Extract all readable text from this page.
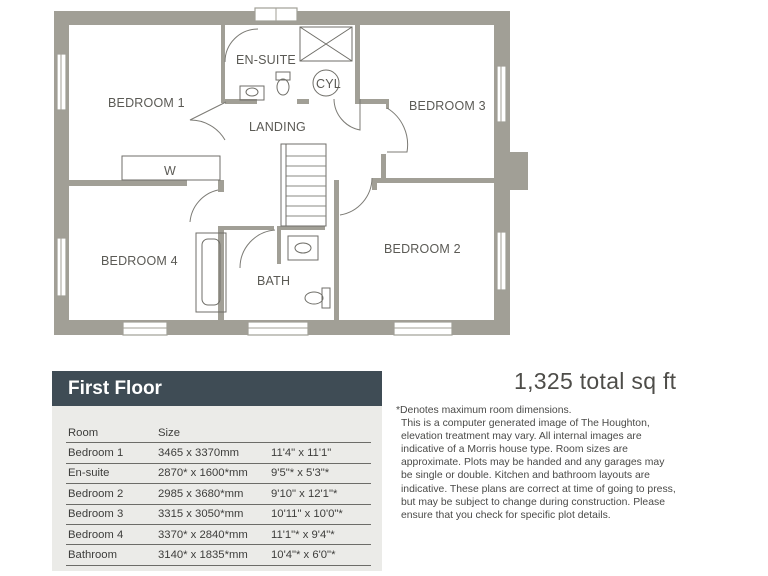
BEDROOM 1
EN-SUITE
CYL
BEDROOM 3
LANDING
W
BEDROOM 4
BATH
BEDROOM 2
First Floor
Room	Size	
Bedroom 1	3465 x 3370mm	11'4" x 11'1"
En-suite	2870* x 1600*mm	9'5"* x 5'3"*
Bedroom 2	2985 x 3680*mm	9'10" x 12'1"*
Bedroom 3	3315 x 3050*mm	10'11" x 10'0"*
Bedroom 4	3370* x 2840*mm	11'1"* x 9'4"*
Bathroom	3140* x 1835*mm	10'4"* x 6'0"*
1,325 total sq ft

*Denotes maximum room dimensions.

This is a computer generated image of The Houghton,

elevation treatment may vary. All internal images are

indicative of a Morris house type. Room sizes are

approximate. Plots may be handed and any garages may

be single or double. Kitchen and bathroom layouts are

indicative. These plans are correct at time of going to press,

but may be subject to change during construction. Please

ensure that you check for specific plot details.
